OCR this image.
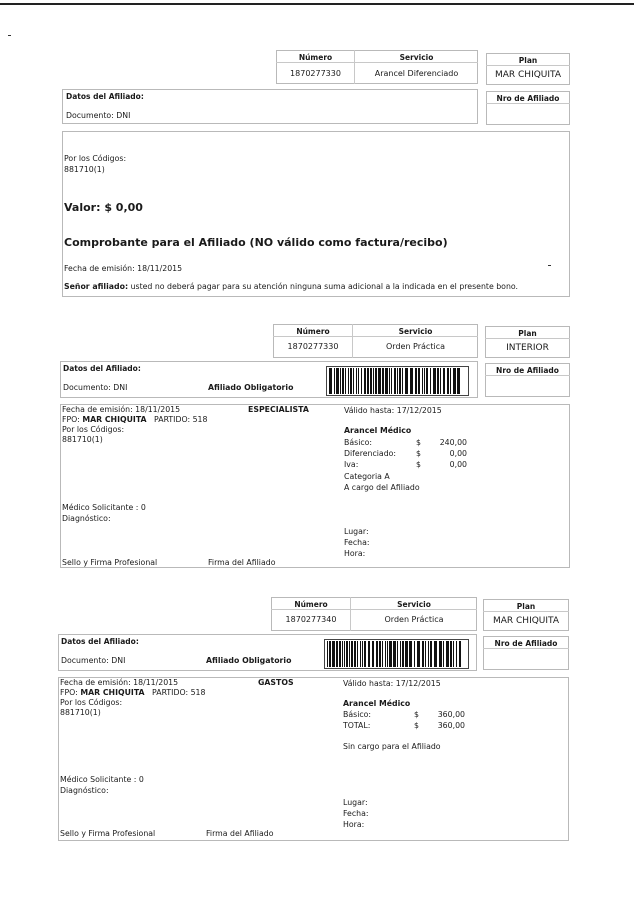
Número	Servicio
1870277330	Arancel Diferenciado
Plan
MAR CHIQUITA
Datos del Afiliado:
Documento: DNI
Nro de Afiliado
Por los Códigos:
881710(1)
Valor: $ 0,00
Comprobante para el Afiliado (NO válido como factura/recibo)
Fecha de emisión: 18/11/2015
Señor afiliado: usted no deberá pagar para su atención ninguna suma adicional a la indicada en el presente bono.
Número	Servicio
1870277330	Orden Práctica
Plan
INTERIOR
Datos del Afiliado:
Documento: DNI	Afiliado Obligatorio
Nro de Afiliado
Fecha de emisión: 18/11/2015	ESPECIALISTA	Válido hasta: 17/12/2015
FPO: MAR CHIQUITA PARTIDO: 518
Por los Códigos:
881710(1)
Arancel Médico
Básico:	$	240,00
Diferenciado:	$	0,00
Iva:	$	0,00
Categoria A
A cargo del Afiliado
Médico Solicitante : 0
Diagnóstico:
Lugar:
Fecha:
Hora:
Sello y Firma Profesional	Firma del Afiliado
Número	Servicio
1870277340	Orden Práctica
Plan
MAR CHIQUITA
Datos del Afiliado:
Documento: DNI	Afiliado Obligatorio
Nro de Afiliado
Fecha de emisión: 18/11/2015	GASTOS	Válido hasta: 17/12/2015
FPO: MAR CHIQUITA PARTIDO: 518
Por los Códigos:
881710(1)
Arancel Médico
Básico:	$	360,00
TOTAL:	$	360,00
Sin cargo para el Afiliado
Médico Solicitante : 0
Diagnóstico:
Lugar:
Fecha:
Hora:
Sello y Firma Profesional	Firma del Afiliado
